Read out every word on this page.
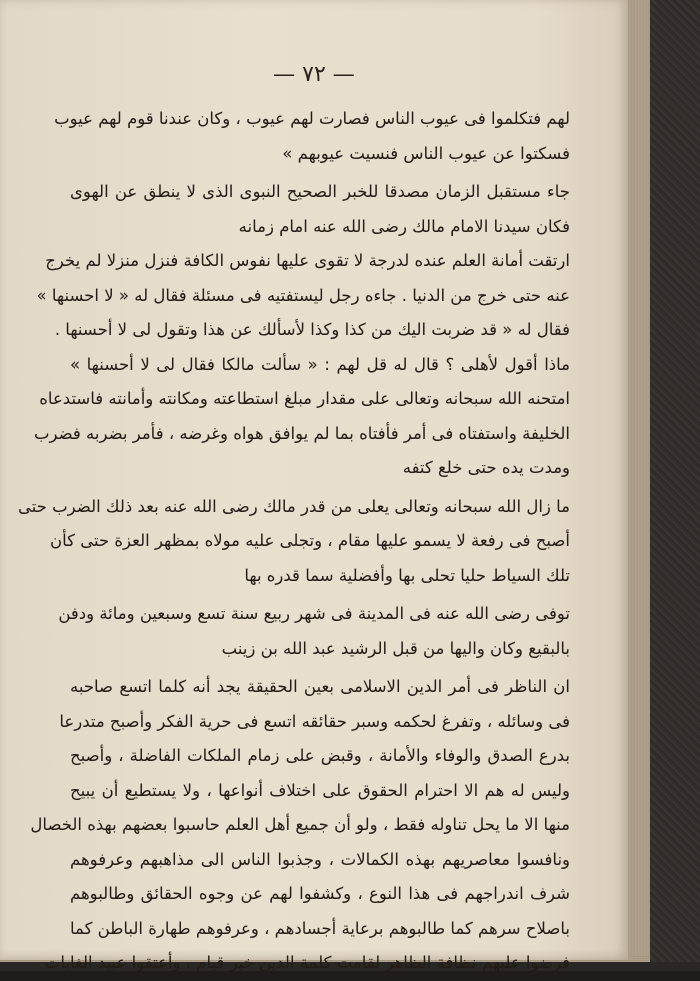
— ٧٢ —
لهم فتكلموا فى عيوب الناس فصارت لهم عيوب ، وكان عندنا قوم لهم عيوب
فسكتوا عن عيوب الناس فنسيت عيوبهم »
جاء مستقبل الزمان مصدقا للخبر الصحيح النبوى الذى لا ينطق عن الهوى
فكان سيدنا الامام مالك رضى الله عنه امام زمانه
ارتقت أمانة العلم عنده لدرجة لا تقوى عليها نفوس الكافة فنزل منزلا لم يخرج
عنه حتى خرج من الدنيا . جاءه رجل ليستفتيه فى مسئلة فقال له « لا احسنها »
فقال له « قد ضربت اليك من كذا وكذا لأسألك عن هذا وتقول لى لا أحسنها .
ماذا أقول لأهلى ؟ قال له قل لهم : « سألت مالكا فقال لى لا أحسنها »
امتحنه الله سبحانه وتعالى على مقدار مبلغ استطاعته ومكانته وأمانته فاستدعاه
الخليفة واستفتاه فى أمر فأفتاه بما لم يوافق هواه وغرضه ، فأمر بضربه فضرب
ومدت يده حتى خلع كتفه
ما زال الله سبحانه وتعالى يعلى من قدر مالك رضى الله عنه بعد ذلك الضرب حتى
أصبح فى رفعة لا يسمو عليها مقام ، وتجلى عليه مولاه بمظهر العزة حتى كأن
تلك السياط حليا تحلى بها وأفضلية سما قدره بها
توفى رضى الله عنه فى المدينة فى شهر ربيع سنة تسع وسبعين ومائة ودفن
بالبقيع وكان واليها من قبل الرشيد عبد الله بن زينب
ان الناظر فى أمر الدين الاسلامى بعين الحقيقة يجد أنه كلما اتسع صاحبه
فى وسائله ، وتفرغ لحكمه وسبر حقائقه اتسع فى حرية الفكر وأصبح متدرعا
بدرع الصدق والوفاء والأمانة ، وقبض على زمام الملكات الفاضلة ، وأصبح
وليس له هم الا احترام الحقوق على اختلاف أنواعها ، ولا يستطيع أن يبيح
منها الا ما يحل تناوله فقط ، ولو أن جميع أهل العلم حاسبوا بعضهم بهذه الخصال
ونافسوا معاصريهم بهذه الكمالات ، وجذبوا الناس الى مذاهبهم وعرفوهم
شرف اندراجهم فى هذا النوع ، وكشفوا لهم عن وجوه الحقائق وطالبوهم
باصلاح سرهم كما طالبوهم برعاية أجسادهم ، وعرفوهم طهارة الباطن كما
فرضوا عليهم نظافة الظاهر لقامت كلمة الدين خير قيام ، وأعتقوا عبيد الغايات
